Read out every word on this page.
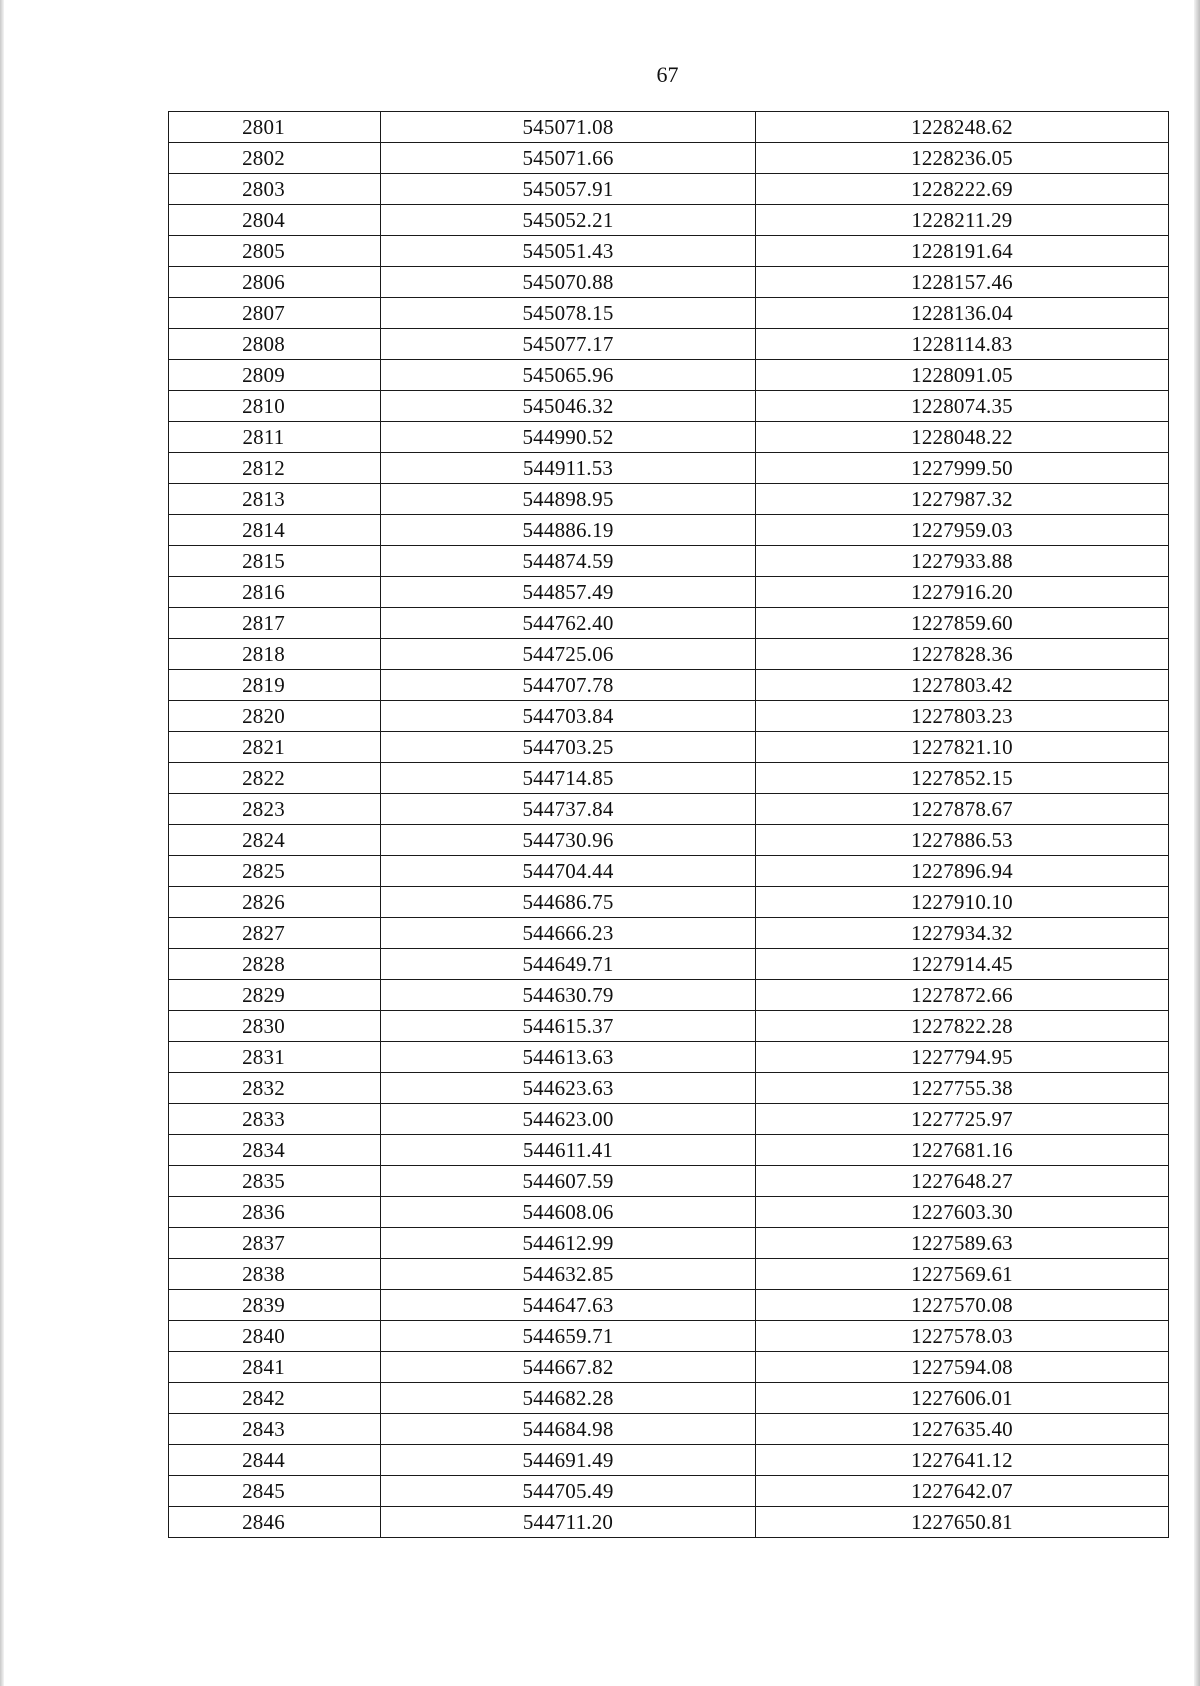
67
2801	545071.08	1228248.62
2802	545071.66	1228236.05
2803	545057.91	1228222.69
2804	545052.21	1228211.29
2805	545051.43	1228191.64
2806	545070.88	1228157.46
2807	545078.15	1228136.04
2808	545077.17	1228114.83
2809	545065.96	1228091.05
2810	545046.32	1228074.35
2811	544990.52	1228048.22
2812	544911.53	1227999.50
2813	544898.95	1227987.32
2814	544886.19	1227959.03
2815	544874.59	1227933.88
2816	544857.49	1227916.20
2817	544762.40	1227859.60
2818	544725.06	1227828.36
2819	544707.78	1227803.42
2820	544703.84	1227803.23
2821	544703.25	1227821.10
2822	544714.85	1227852.15
2823	544737.84	1227878.67
2824	544730.96	1227886.53
2825	544704.44	1227896.94
2826	544686.75	1227910.10
2827	544666.23	1227934.32
2828	544649.71	1227914.45
2829	544630.79	1227872.66
2830	544615.37	1227822.28
2831	544613.63	1227794.95
2832	544623.63	1227755.38
2833	544623.00	1227725.97
2834	544611.41	1227681.16
2835	544607.59	1227648.27
2836	544608.06	1227603.30
2837	544612.99	1227589.63
2838	544632.85	1227569.61
2839	544647.63	1227570.08
2840	544659.71	1227578.03
2841	544667.82	1227594.08
2842	544682.28	1227606.01
2843	544684.98	1227635.40
2844	544691.49	1227641.12
2845	544705.49	1227642.07
2846	544711.20	1227650.81
